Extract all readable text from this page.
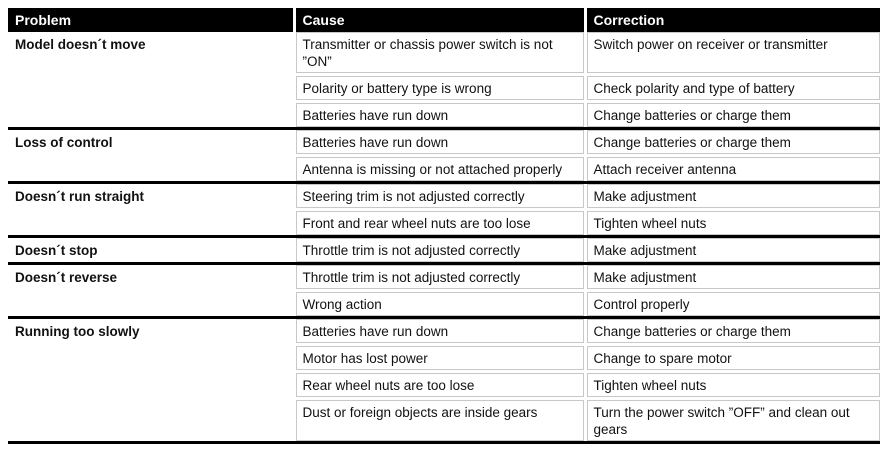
Problem	Cause	Correction
Model doesn´t move	Transmitter or chassis power switch is not ”ON”	Switch power on receiver or transmitter
	Polarity or battery type is wrong	Check polarity and type of battery
	Batteries have run down	Change batteries or charge them
Loss of control	Batteries have run down	Change batteries or charge them
	Antenna is missing or not attached properly	Attach receiver antenna
Doesn´t run straight	Steering trim is not adjusted correctly	Make adjustment
	Front and rear wheel nuts are too lose	Tighten wheel nuts
Doesn´t stop	Throttle trim is not adjusted correctly	Make adjustment
Doesn´t reverse	Throttle trim is not adjusted correctly	Make adjustment
	Wrong action	Control properly
Running too slowly	Batteries have run down	Change batteries or charge them
	Motor has lost power	Change to spare motor
	Rear wheel nuts are too lose	Tighten wheel nuts
	Dust or foreign objects are inside gears	Turn the power switch ”OFF” and clean out gears
